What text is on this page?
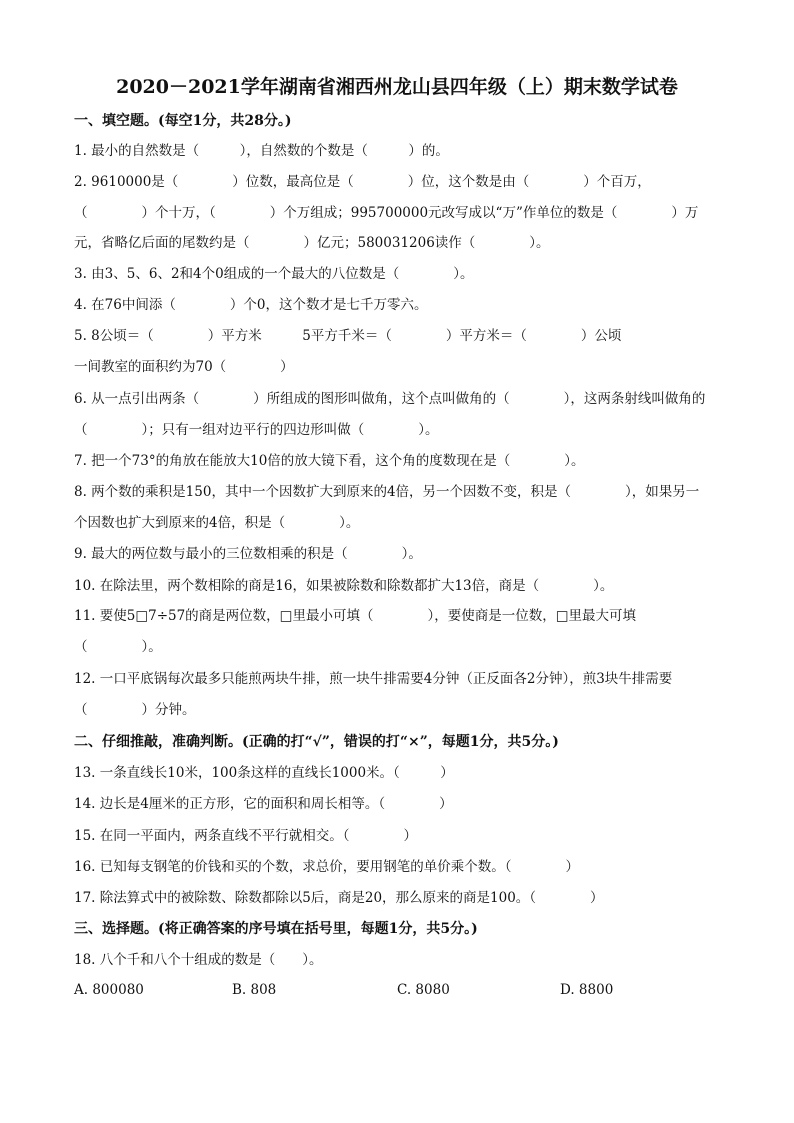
2020－2021学年湖南省湘西州龙山县四年级（上）期末数学试卷
一、填空题。(每空1分，共28分。)
1. 最小的自然数是（　　　），自然数的个数是（　　　）的。
2. 9610000是（　　　　）位数，最高位是（　　　　）位，这个数是由（　　　　）个百万，
（　　　　）个十万，（　　　　）个万组成；995700000元改写成以“万”作单位的数是（　　　　）万
元，省略亿后面的尾数约是（　　　　）亿元；580031206读作（　　　　）。
3. 由3、5、6、2和4个0组成的一个最大的八位数是（　　　　）。
4. 在76中间添（　　　　）个0，这个数才是七千万零六。
5. 8公顷＝（　　　　）平方米　　　5平方千米＝（　　　　）平方米＝（　　　　）公顷
一间教室的面积约为70（　　　　）
6. 从一点引出两条（　　　　）所组成的图形叫做角，这个点叫做角的（　　　　），这两条射线叫做角的
（　　　　）；只有一组对边平行的四边形叫做（　　　　）。
7. 把一个73°的角放在能放大10倍的放大镜下看，这个角的度数现在是（　　　　）。
8. 两个数的乘积是150，其中一个因数扩大到原来的4倍，另一个因数不变，积是（　　　　），如果另一
个因数也扩大到原来的4倍，积是（　　　　）。
9. 最大的两位数与最小的三位数相乘的积是（　　　　）。
10. 在除法里，两个数相除的商是16，如果被除数和除数都扩大13倍，商是（　　　　）。
11. 要使5□7÷57的商是两位数，□里最小可填（　　　　），要使商是一位数，□里最大可填
（　　　　）。
12. 一口平底锅每次最多只能煎两块牛排，煎一块牛排需要4分钟（正反面各2分钟），煎3块牛排需要
（　　　　）分钟。
二、仔细推敲，准确判断。(正确的打“√”，错误的打“×”，每题1分，共5分。)
13. 一条直线长10米，100条这样的直线长1000米。（　　　）
14. 边长是4厘米的正方形，它的面积和周长相等。（　　　　）
15. 在同一平面内，两条直线不平行就相交。（　　　　）
16. 已知每支钢笔的价钱和买的个数，求总价，要用钢笔的单价乘个数。（　　　　）
17. 除法算式中的被除数、除数都除以5后，商是20，那么原来的商是100。（　　　　）
三、选择题。(将正确答案的序号填在括号里，每题1分，共5分。)
18. 八个千和八个十组成的数是（　　）。
A. 800080	B. 808	C. 8080	D. 8800
